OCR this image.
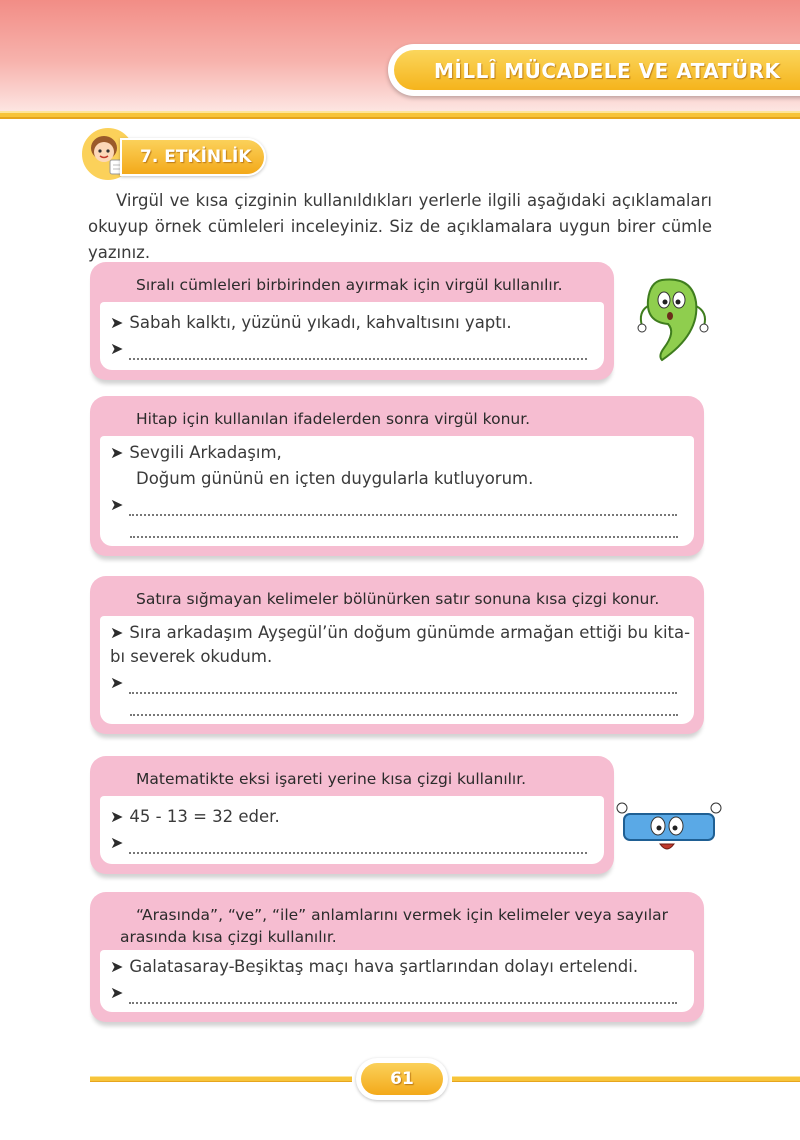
MİLLÎ MÜCADELE VE ATATÜRK
7. ETKİNLİK

Virgül ve kısa çizginin kullanıldıkları yerlerle ilgili aşağıdaki açıklamaları okuyup örnek cümleleri inceleyiniz. Siz de açıklamalara uygun birer cümle yazınız.

Sıralı cümleleri birbirinden ayırmak için virgül kullanılır.
➤ Sabah kalktı, yüzünü yıkadı, kahvaltısını yaptı.
➤
Hitap için kullanılan ifadelerden sonra virgül konur.
➤ Sevgili Arkadaşım,
Doğum gününü en içten duygularla kutluyorum.
➤
Satıra sığmayan kelimeler bölünürken satır sonuna kısa çizgi konur.
➤ Sıra arkadaşım Ayşegül’ün doğum günümde armağan ettiği bu kita-
bı severek okudum.
➤
Matematikte eksi işareti yerine kısa çizgi kullanılır.
➤ 45 - 13 = 32 eder.
➤
“Arasında”, “ve”, “ile” anlamlarını vermek için kelimeler veya sayılar
arasında kısa çizgi kullanılır.
➤ Galatasaray-Beşiktaş maçı hava şartlarından dolayı ertelendi.
➤
61
